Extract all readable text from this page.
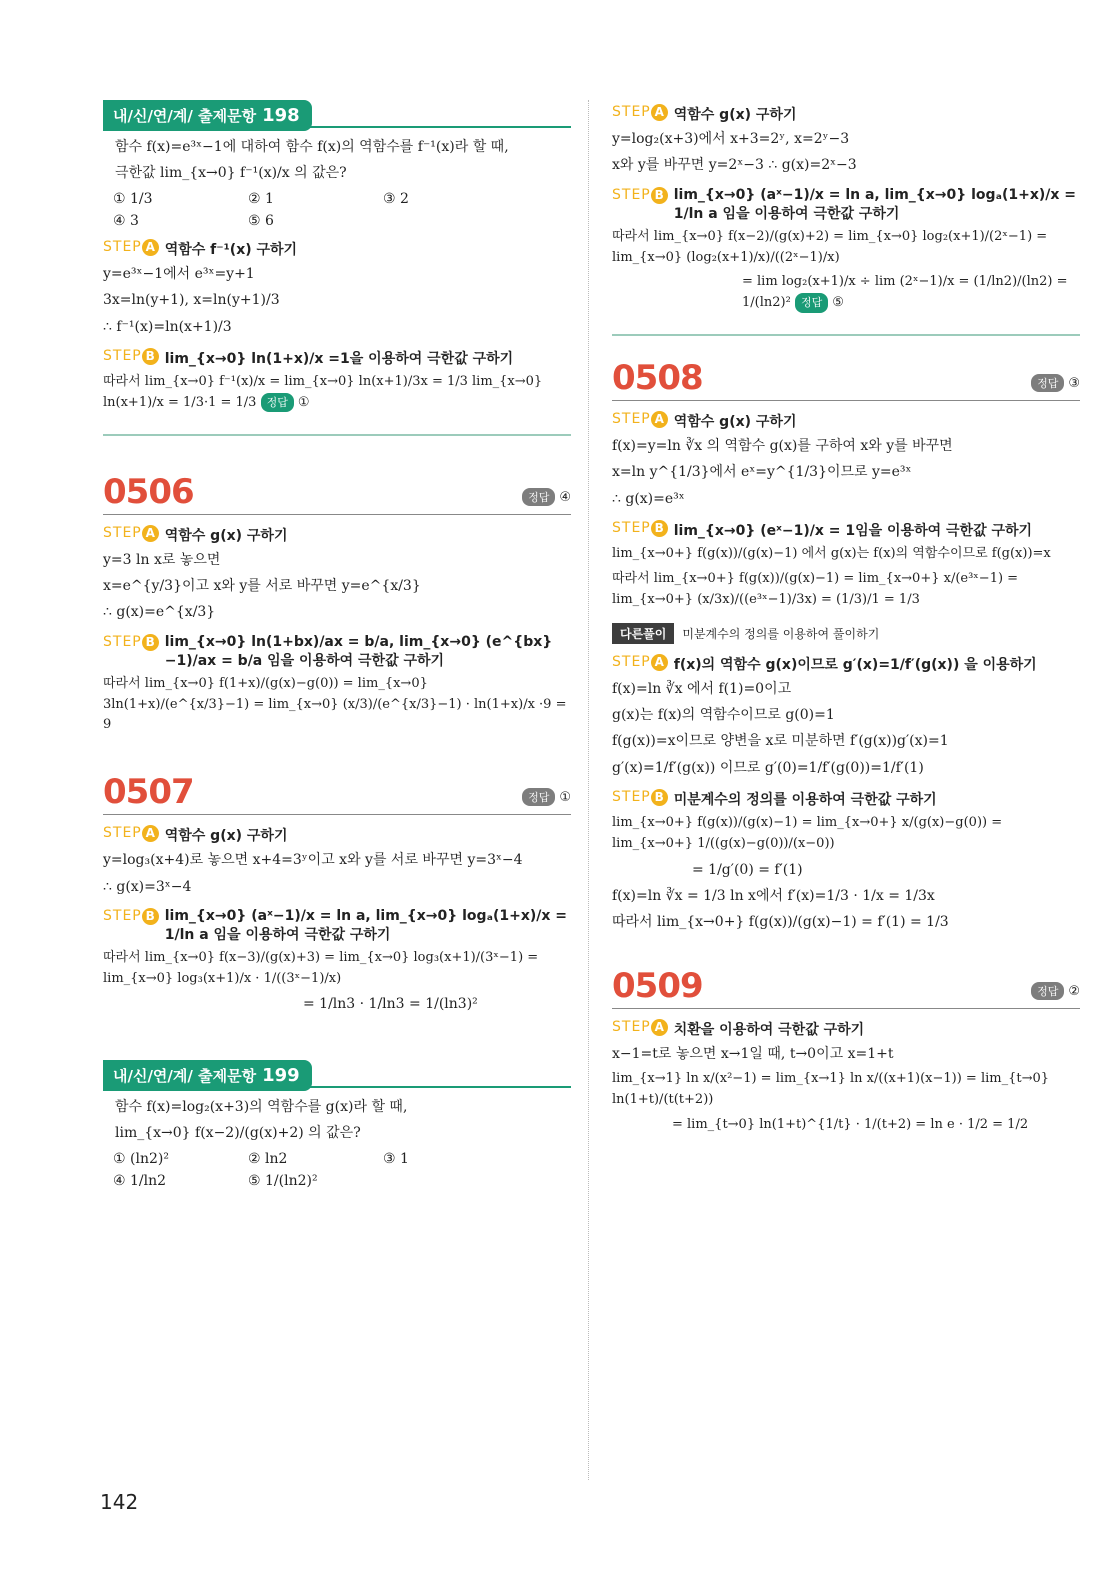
내/신/연/계/ 출제문항 198
함수 f(x)=e³ˣ−1에 대하여 함수 f(x)의 역함수를 f⁻¹(x)라 할 때,
극한값 lim_{x→0} f⁻¹(x)/x 의 값은?
① 1/3	② 1	③ 2
④ 3	⑤ 6
STEP A 역함수 f⁻¹(x) 구하기
y=e³ˣ−1에서 e³ˣ=y+1
3x=ln(y+1), x=ln(y+1)/3
∴ f⁻¹(x)=ln(x+1)/3
STEP B lim_{x→0} ln(1+x)/x =1을 이용하여 극한값 구하기
따라서 lim_{x→0} f⁻¹(x)/x = lim_{x→0} ln(x+1)/3x = 1/3 lim_{x→0} ln(x+1)/x = 1/3·1 = 1/3 정답 ①
0506	정답 ④
STEP A 역함수 g(x) 구하기
y=3 ln x로 놓으면
x=e^{y/3}이고 x와 y를 서로 바꾸면 y=e^{x/3}
∴ g(x)=e^{x/3}
STEP B lim_{x→0} ln(1+bx)/ax = b/a, lim_{x→0} (e^{bx}−1)/ax = b/a 임을 이용하여 극한값 구하기
따라서 lim_{x→0} f(1+x)/(g(x)−g(0)) = lim_{x→0} 3ln(1+x)/(e^{x/3}−1) = lim_{x→0} (x/3)/(e^{x/3}−1) · ln(1+x)/x ·9 = 9
0507	정답 ①
STEP A 역함수 g(x) 구하기
y=log₃(x+4)로 놓으면 x+4=3ʸ이고 x와 y를 서로 바꾸면 y=3ˣ−4
∴ g(x)=3ˣ−4
STEP B lim_{x→0} (aˣ−1)/x = ln a, lim_{x→0} logₐ(1+x)/x = 1/ln a 임을 이용하여 극한값 구하기
따라서 lim_{x→0} f(x−3)/(g(x)+3) = lim_{x→0} log₃(x+1)/(3ˣ−1) = lim_{x→0} log₃(x+1)/x · 1/((3ˣ−1)/x)
= 1/ln3 · 1/ln3 = 1/(ln3)²
내/신/연/계/ 출제문항 199
함수 f(x)=log₂(x+3)의 역함수를 g(x)라 할 때,
lim_{x→0} f(x−2)/(g(x)+2) 의 값은?
① (ln2)²	② ln2	③ 1
④ 1/ln2	⑤ 1/(ln2)²
STEP A 역함수 g(x) 구하기
y=log₂(x+3)에서 x+3=2ʸ, x=2ʸ−3
x와 y를 바꾸면 y=2ˣ−3 ∴ g(x)=2ˣ−3
STEP B lim_{x→0} (aˣ−1)/x = ln a, lim_{x→0} logₐ(1+x)/x = 1/ln a 임을 이용하여 극한값 구하기
따라서 lim_{x→0} f(x−2)/(g(x)+2) = lim_{x→0} log₂(x+1)/(2ˣ−1) = lim_{x→0} (log₂(x+1)/x)/((2ˣ−1)/x)
= lim log₂(x+1)/x ÷ lim (2ˣ−1)/x = (1/ln2)/(ln2) = 1/(ln2)² 정답 ⑤
0508	정답 ③
STEP A 역함수 g(x) 구하기
f(x)=y=ln ∛x 의 역함수 g(x)를 구하여 x와 y를 바꾸면
x=ln y^{1/3}에서 eˣ=y^{1/3}이므로 y=e³ˣ
∴ g(x)=e³ˣ
STEP B lim_{x→0} (eˣ−1)/x = 1임을 이용하여 극한값 구하기
lim_{x→0+} f(g(x))/(g(x)−1) 에서 g(x)는 f(x)의 역함수이므로 f(g(x))=x
따라서 lim_{x→0+} f(g(x))/(g(x)−1) = lim_{x→0+} x/(e³ˣ−1) = lim_{x→0+} (x/3x)/((e³ˣ−1)/3x) = (1/3)/1 = 1/3
다른풀이	미분계수의 정의를 이용하여 풀이하기
STEP A f(x)의 역함수 g(x)이므로 g′(x)=1/f′(g(x)) 을 이용하기
f(x)=ln ∛x 에서 f(1)=0이고
g(x)는 f(x)의 역함수이므로 g(0)=1
f(g(x))=x이므로 양변을 x로 미분하면 f′(g(x))g′(x)=1
g′(x)=1/f′(g(x)) 이므로 g′(0)=1/f′(g(0))=1/f′(1)
STEP B 미분계수의 정의를 이용하여 극한값 구하기
lim_{x→0+} f(g(x))/(g(x)−1) = lim_{x→0+} x/(g(x)−g(0)) = lim_{x→0+} 1/((g(x)−g(0))/(x−0))
= 1/g′(0) = f′(1)
f(x)=ln ∛x = 1/3 ln x에서 f′(x)=1/3 · 1/x = 1/3x
따라서 lim_{x→0+} f(g(x))/(g(x)−1) = f′(1) = 1/3
0509	정답 ②
STEP A 치환을 이용하여 극한값 구하기
x−1=t로 놓으면 x→1일 때, t→0이고 x=1+t
lim_{x→1} ln x/(x²−1) = lim_{x→1} ln x/((x+1)(x−1)) = lim_{t→0} ln(1+t)/(t(t+2))
= lim_{t→0} ln(1+t)^{1/t} · 1/(t+2) = ln e · 1/2 = 1/2
142
